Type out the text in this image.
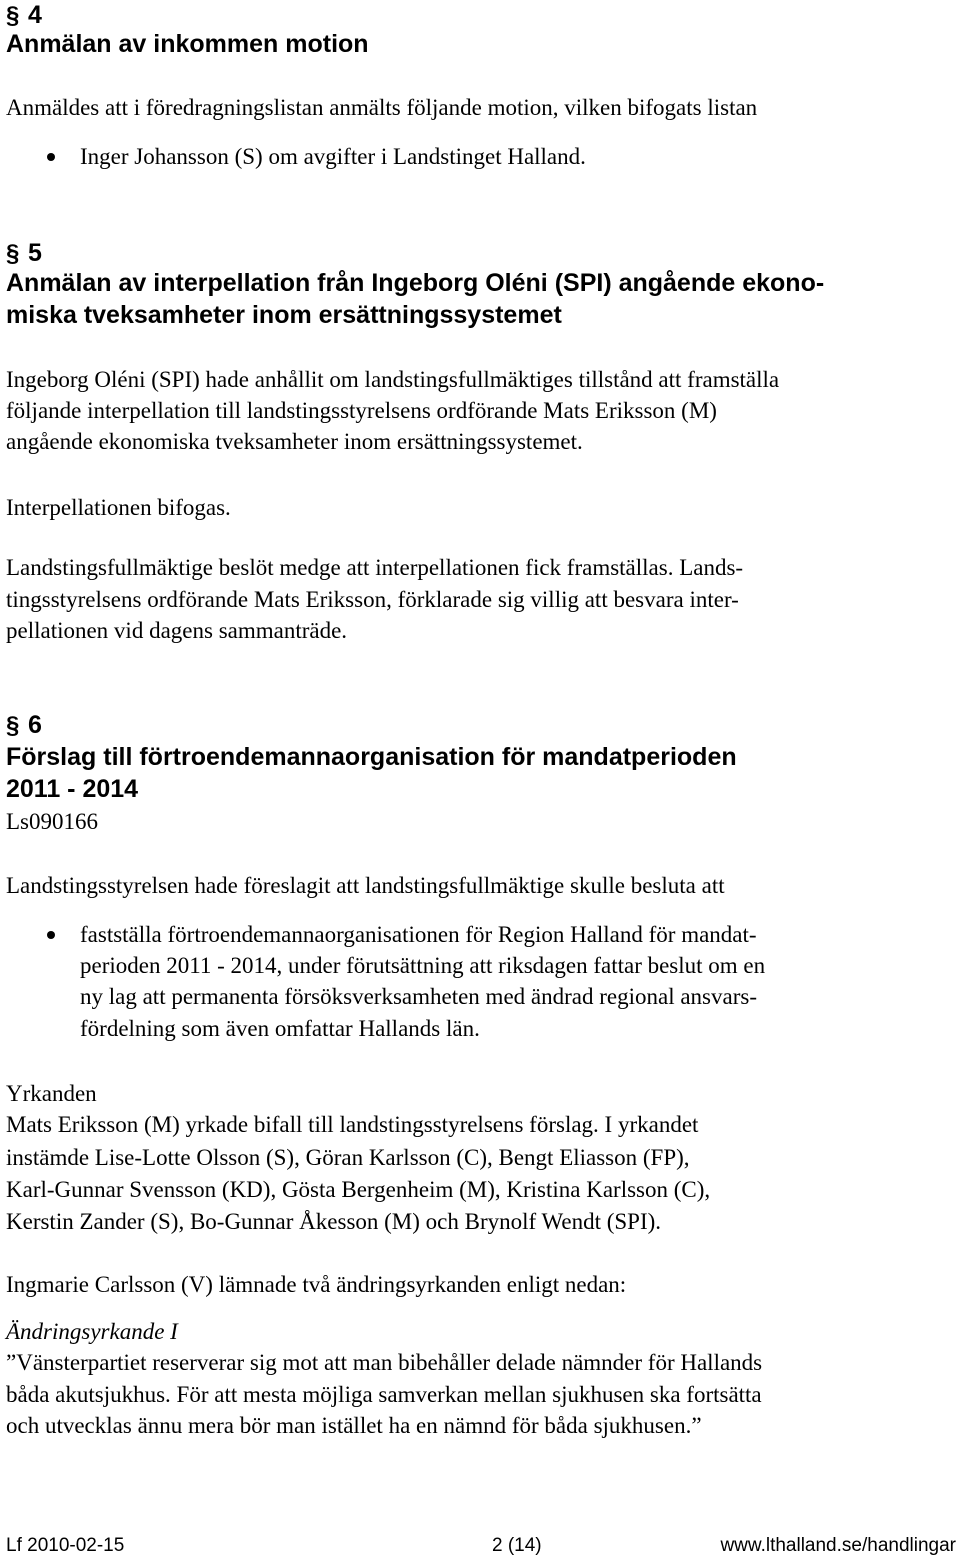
§ 4
Anmälan av inkommen motion
Anmäldes att i föredragningslistan anmälts följande motion, vilken bifogats listan
Inger Johansson (S) om avgifter i Landstinget Halland.
§ 5
Anmälan av interpellation från Ingeborg Oléni (SPI) angående ekono-
miska tveksamheter inom ersättningssystemet
Ingeborg Oléni (SPI) hade anhållit om landstingsfullmäktiges tillstånd att framställa
följande interpellation till landstingsstyrelsens ordförande Mats Eriksson (M)
angående ekonomiska tveksamheter inom ersättningssystemet.
Interpellationen bifogas.
Landstingsfullmäktige beslöt medge att interpellationen fick framställas. Lands-
tingsstyrelsens ordförande Mats Eriksson, förklarade sig villig att besvara inter-
pellationen vid dagens sammanträde.
§ 6
Förslag till förtroendemannaorganisation för mandatperioden
2011 - 2014
Ls090166
Landstingsstyrelsen hade föreslagit att landstingsfullmäktige skulle besluta att
fastställa förtroendemannaorganisationen för Region Halland för mandat-
perioden 2011 - 2014, under förutsättning att riksdagen fattar beslut om en
ny lag att permanenta försöksverksamheten med ändrad regional ansvars-
fördelning som även omfattar Hallands län.
Yrkanden
Mats Eriksson (M) yrkade bifall till landstingsstyrelsens förslag. I yrkandet
instämde Lise-Lotte Olsson (S), Göran Karlsson (C), Bengt Eliasson (FP),
Karl-Gunnar Svensson (KD), Gösta Bergenheim (M), Kristina Karlsson (C),
Kerstin Zander (S), Bo-Gunnar Åkesson (M) och Brynolf Wendt (SPI).
Ingmarie Carlsson (V) lämnade två ändringsyrkanden enligt nedan:
Ändringsyrkande I
”Vänsterpartiet reserverar sig mot att man bibehåller delade nämnder för Hallands
båda akutsjukhus. För att mesta möjliga samverkan mellan sjukhusen ska fortsätta
och utvecklas ännu mera bör man istället ha en nämnd för båda sjukhusen.”
Lf 2010-02-15	2 (14)	www.lthalland.se/handlingar
